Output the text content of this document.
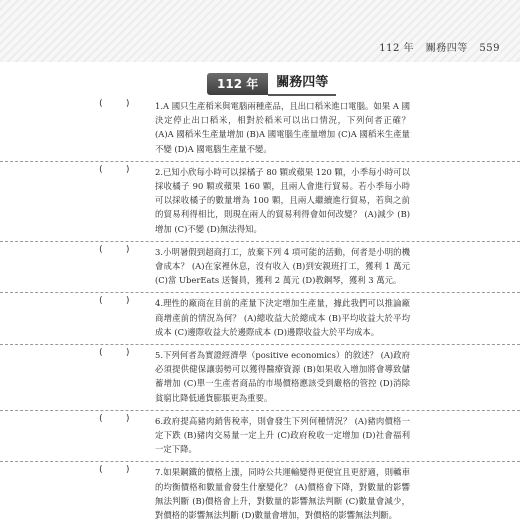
112 年 關務四等 559
112 年	關務四等
(    )	1.A 國只生產稻米與電腦兩種產品，且出口稻米進口電腦。如果 A 國決定停止出口稻米，相對於稻米可以出口情況，下列何者正確？ (A)A 國稻米生產量增加 (B)A 國電腦生產量增加 (C)A 國稻米生產量不變 (D)A 國電腦生產量不變。
(    )	2.已知小欣每小時可以採橘子 80 顆或蘋果 120 顆，小季每小時可以採收橘子 90 顆或蘋果 160 顆，且兩人會進行貿易。若小季每小時可以採收橘子的數量增為 100 顆，且兩人繼續進行貿易，若與之前的貿易利得相比，則現在兩人的貿易利得會如何改變？ (A)減少 (B)增加 (C)不變 (D)無法得知。
(    )	3.小明暑假到超商打工，放棄下列 4 項可能的活動，何者是小明的機會成本？ (A)在家裡休息，沒有收入 (B)到安親班打工，獲利 1 萬元 (C)當 UberEats 送餐員，獲利 2 萬元 (D)教鋼琴，獲利 3 萬元。
(    )	4.理性的廠商在目前的產量下決定增加生產量，據此我們可以推論廠商增產前的情況為何？ (A)總收益大於總成本 (B)平均收益大於平均成本 (C)邊際收益大於邊際成本 (D)邊際收益大於平均成本。
(    )	5.下列何者為實證經濟學（positive economics）的敘述？ (A)政府必須提供健保讓弱勢可以獲得醫療資源 (B)如果收入增加將會導致儲蓄增加 (C)單一生產者商品的市場價格應該受到嚴格的管控 (D)消除貧窮比降低通貨膨脹更為重要。
(    )	6.政府提高豬肉銷售稅率，則會發生下列何種情況？ (A)豬肉價格一定下跌 (B)豬肉交易量一定上升 (C)政府稅收一定增加 (D)社會福利一定下降。
(    )	7.如果鋼鐵的價格上漲，同時公共運輸變得更便宜且更舒適，則轎車的均衡價格和數量會發生什麼變化？ (A)價格會下降，對數量的影響無法判斷 (B)價格會上升，對數量的影響無法判斷 (C)數量會減少，對價格的影響無法判斷 (D)數量會增加，對價格的影響無法判斷。
